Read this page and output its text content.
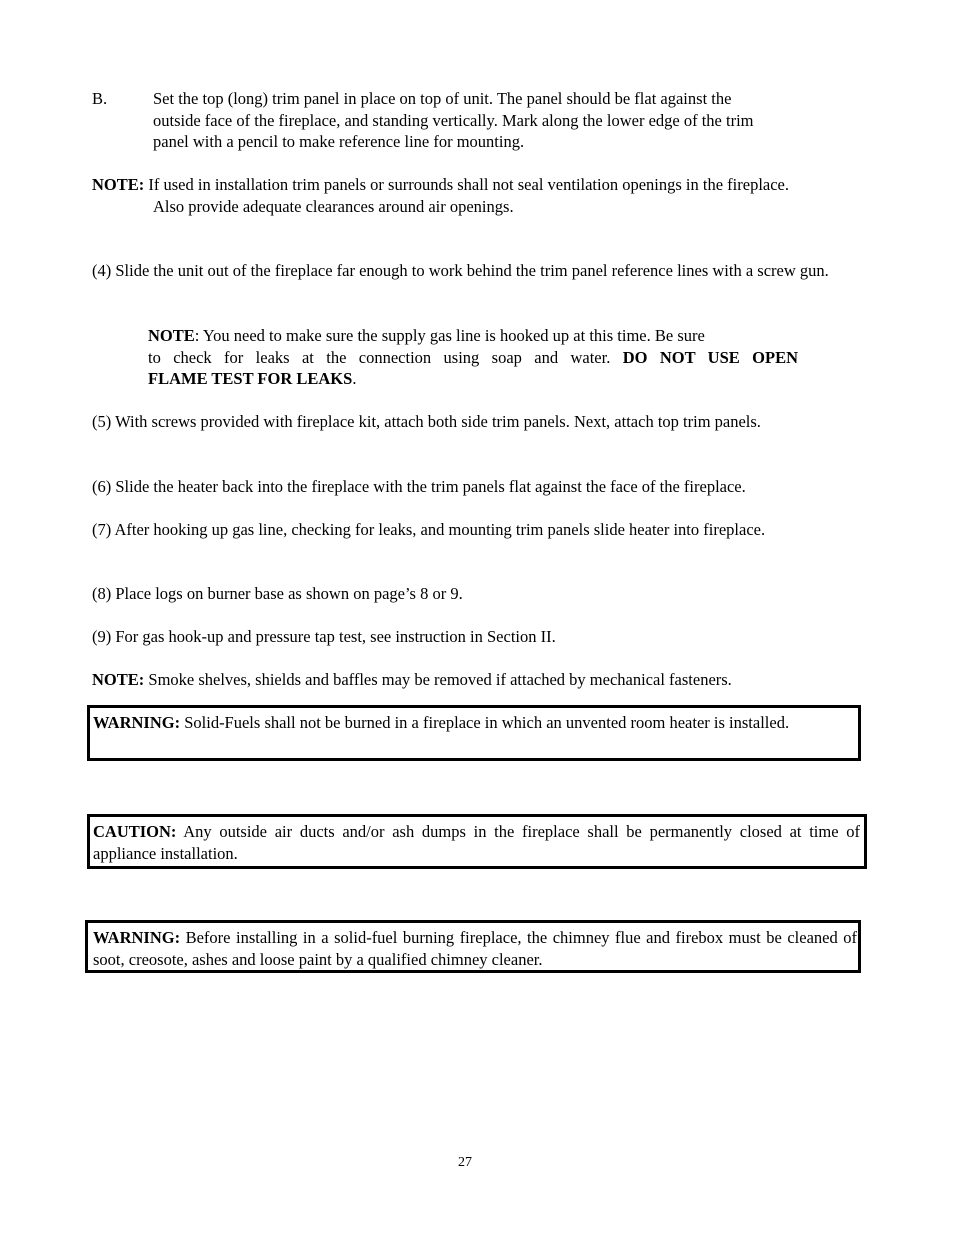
B.	Set the top (long) trim panel in place on top of unit. The panel should be flat against the
outside face of the fireplace, and standing vertically. Mark along the lower edge of the trim
panel with a pencil to make reference line for mounting.

NOTE: If used in installation trim panels or surrounds shall not seal ventilation openings in the fireplace.

Also provide adequate clearances around air openings.

(4) Slide the unit out of the fireplace far enough to work behind the trim panel reference lines with a screw gun.

NOTE: You need to make sure the supply gas line is hooked up at this time. Be sure
to check for leaks at the connection using soap and water. DO NOT USE OPEN
FLAME TEST FOR LEAKS.

(5) With screws provided with fireplace kit, attach both side trim panels. Next, attach top trim panels.

(6) Slide the heater back into the fireplace with the trim panels flat against the face of the fireplace.

(7) After hooking up gas line, checking for leaks, and mounting trim panels slide heater into fireplace.

(8) Place logs on burner base as shown on page’s 8 or 9.

(9) For gas hook-up and pressure tap test, see instruction in Section II.

NOTE: Smoke shelves, shields and baffles may be removed if attached by mechanical fasteners.

WARNING: Solid-Fuels shall not be burned in a fireplace in which an unvented room heater is installed.
CAUTION: Any outside air ducts and/or ash dumps in the fireplace shall be permanently closed at time of appliance installation.
WARNING: Before installing in a solid-fuel burning fireplace, the chimney flue and firebox must be cleaned of soot, creosote, ashes and loose paint by a qualified chimney cleaner.
27
